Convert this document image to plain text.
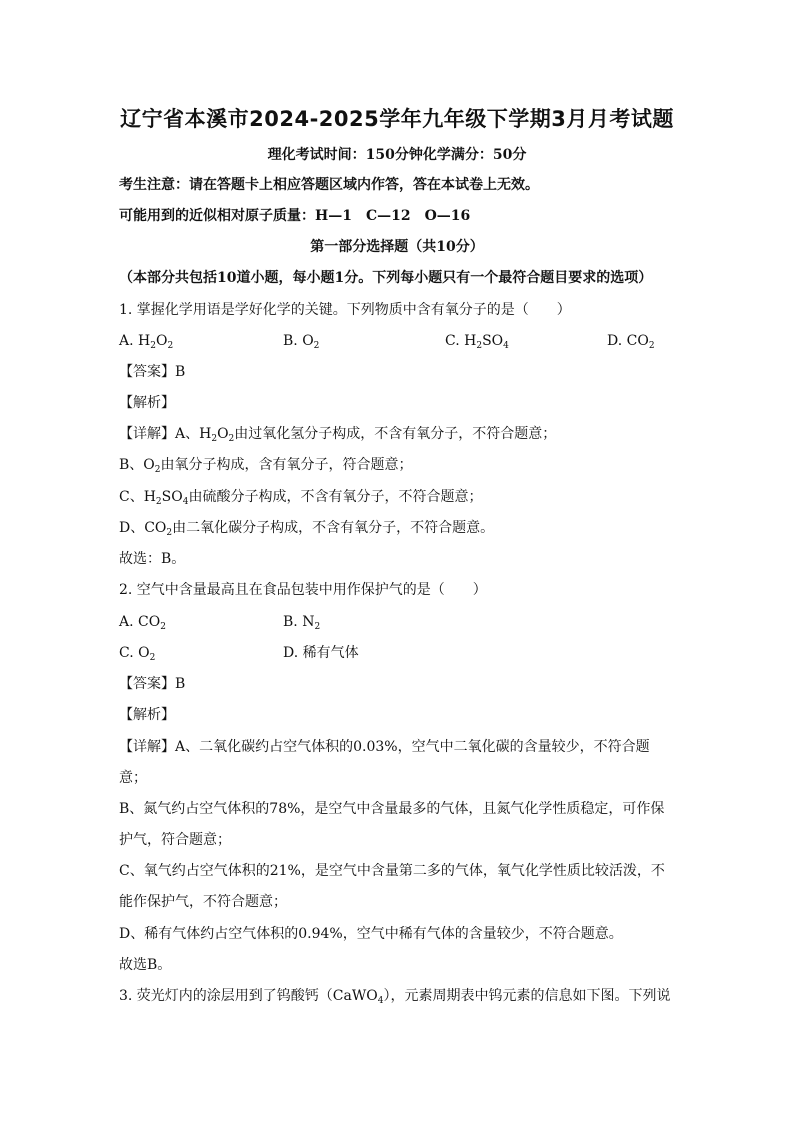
辽宁省本溪市2024-2025学年九年级下学期3月月考试题
理化考试时间：150分钟化学满分：50分
考生注意：请在答题卡上相应答题区域内作答，答在本试卷上无效。
可能用到的近似相对原子质量：H—1　C—12　O—16
第一部分选择题（共10分）
（本部分共包括10道小题，每小题1分。下列每小题只有一个最符合题目要求的选项）
1. 掌握化学用语是学好化学的关键。下列物质中含有氧分子的是（　　）
A. $H_2O_2$	B. $O_2$	C. $H_2SO_4$	D. $CO_2$
【答案】B
【解析】
【详解】A、$H_2O_2$由过氧化氢分子构成，不含有氧分子，不符合题意；
B、$O_2$由氧分子构成，含有氧分子，符合题意；
C、$H_2SO_4$由硫酸分子构成，不含有氧分子，不符合题意；
D、$CO_2$由二氧化碳分子构成，不含有氧分子，不符合题意。
故选：B。
2. 空气中含量最高且在食品包装中用作保护气的是（　　）
A. $CO_2$	B. $N_2$
C. $O_2$	D. 稀有气体
【答案】B
【解析】
【详解】A、二氧化碳约占空气体积的0.03%，空气中二氧化碳的含量较少，不符合题
意；
B、氮气约占空气体积的78%，是空气中含量最多的气体，且氮气化学性质稳定，可作保
护气，符合题意；
C、氧气约占空气体积的21%，是空气中含量第二多的气体，氧气化学性质比较活泼，不
能作保护气，不符合题意；
D、稀有气体约占空气体积的0.94%，空气中稀有气体的含量较少，不符合题意。
故选B。
3. 荧光灯内的涂层用到了钨酸钙（CaWO$_4$），元素周期表中钨元素的信息如下图。下列说
